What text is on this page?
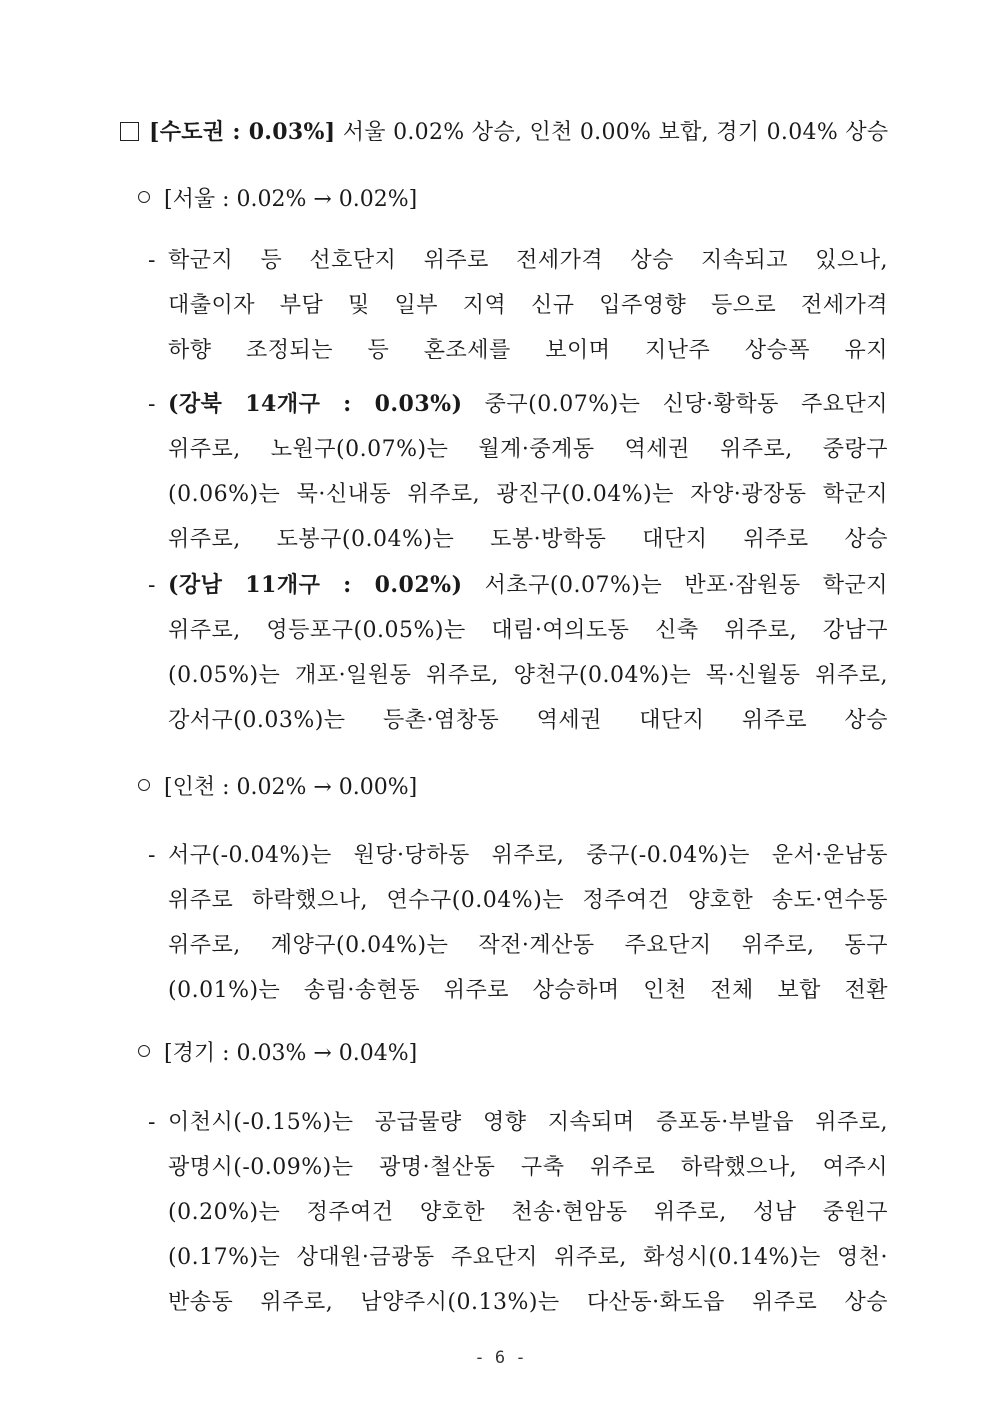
[수도권 : 0.03%] 서울 0.02% 상승, 인천 0.00% 보합, 경기 0.04% 상승
[서울 : 0.02% → 0.02%]
- 학군지 등 선호단지 위주로 전세가격 상승 지속되고 있으나,
대출이자 부담 및 일부 지역 신규 입주영향 등으로 전세가격
하향 조정되는 등 혼조세를 보이며 지난주 상승폭 유지
- (강북 14개구 : 0.03%) 중구(0.07%)는 신당·황학동 주요단지
위주로, 노원구(0.07%)는 월계·중계동 역세권 위주로, 중랑구
(0.06%)는 묵·신내동 위주로, 광진구(0.04%)는 자양·광장동 학군지
위주로, 도봉구(0.04%)는 도봉·방학동 대단지 위주로 상승
- (강남 11개구 : 0.02%) 서초구(0.07%)는 반포·잠원동 학군지
위주로, 영등포구(0.05%)는 대림·여의도동 신축 위주로, 강남구
(0.05%)는 개포·일원동 위주로, 양천구(0.04%)는 목·신월동 위주로,
강서구(0.03%)는 등촌·염창동 역세권 대단지 위주로 상승
[인천 : 0.02% → 0.00%]
- 서구(-0.04%)는 원당·당하동 위주로, 중구(-0.04%)는 운서·운남동
위주로 하락했으나, 연수구(0.04%)는 정주여건 양호한 송도·연수동
위주로, 계양구(0.04%)는 작전·계산동 주요단지 위주로, 동구
(0.01%)는 송림·송현동 위주로 상승하며 인천 전체 보합 전환
[경기 : 0.03% → 0.04%]
- 이천시(-0.15%)는 공급물량 영향 지속되며 증포동·부발읍 위주로,
광명시(-0.09%)는 광명·철산동 구축 위주로 하락했으나, 여주시
(0.20%)는 정주여건 양호한 천송·현암동 위주로, 성남 중원구
(0.17%)는 상대원·금광동 주요단지 위주로, 화성시(0.14%)는 영천·
반송동 위주로, 남양주시(0.13%)는 다산동·화도읍 위주로 상승
- 6 -
